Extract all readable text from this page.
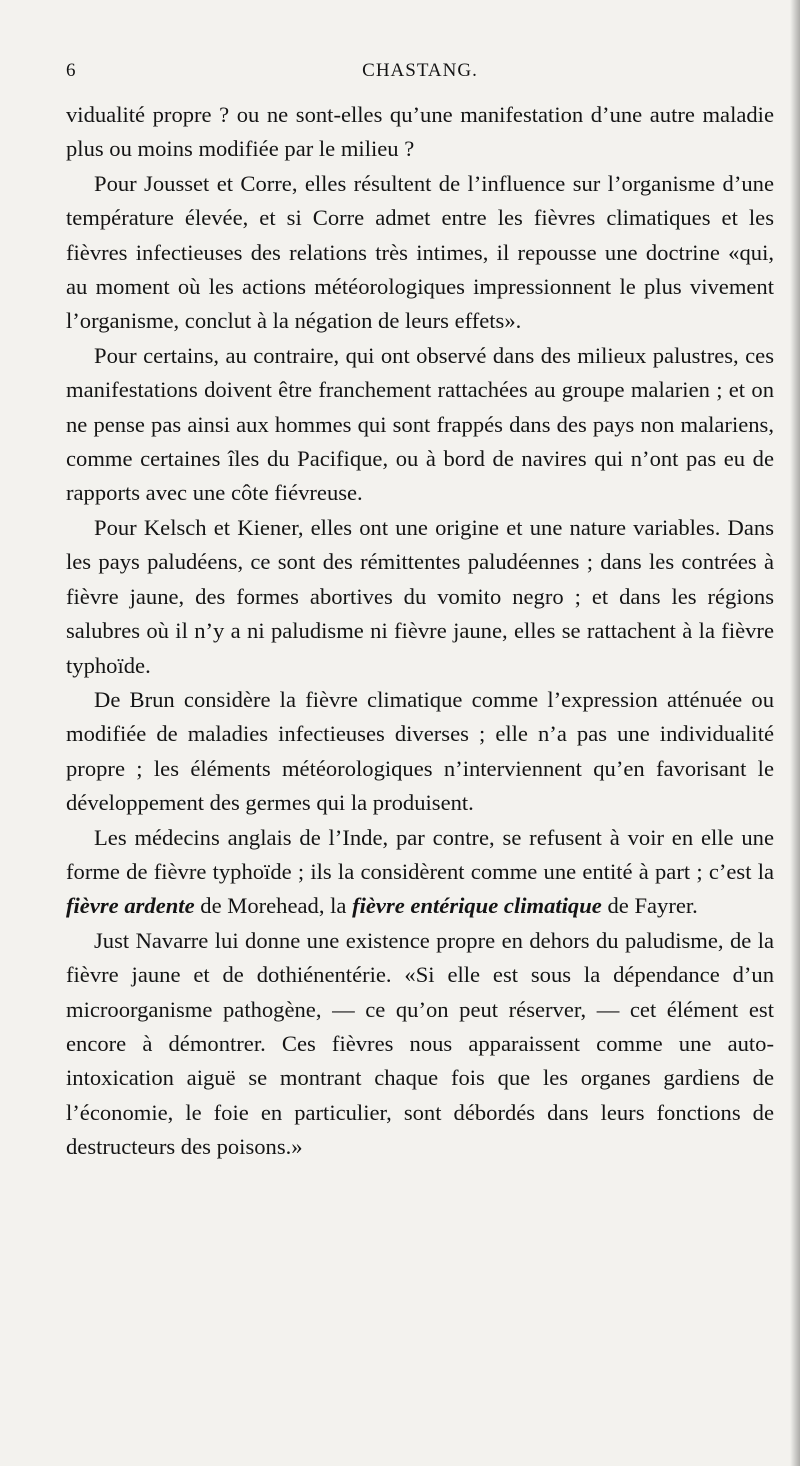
6	CHASTANG.

vidualité propre ? ou ne sont-elles qu’une manifestation d’une autre maladie plus ou moins modifiée par le milieu ?

Pour Jousset et Corre, elles résultent de l’influence sur l’organisme d’une température élevée, et si Corre admet entre les fièvres climatiques et les fièvres infectieuses des relations très intimes, il repousse une doctrine «qui, au moment où les actions météorologiques impressionnent le plus vivement l’organisme, conclut à la négation de leurs effets».

Pour certains, au contraire, qui ont observé dans des milieux palustres, ces manifestations doivent être franchement rattachées au groupe malarien ; et on ne pense pas ainsi aux hommes qui sont frappés dans des pays non malariens, comme certaines îles du Pacifique, ou à bord de navires qui n’ont pas eu de rapports avec une côte fiévreuse.

Pour Kelsch et Kiener, elles ont une origine et une nature variables. Dans les pays paludéens, ce sont des rémittentes paludéennes ; dans les contrées à fièvre jaune, des formes abortives du vomito negro ; et dans les régions salubres où il n’y a ni paludisme ni fièvre jaune, elles se rattachent à la fièvre typhoïde.

De Brun considère la fièvre climatique comme l’expression atténuée ou modifiée de maladies infectieuses diverses ; elle n’a pas une individualité propre ; les éléments météorologiques n’interviennent qu’en favorisant le développement des germes qui la produisent.

Les médecins anglais de l’Inde, par contre, se refusent à voir en elle une forme de fièvre typhoïde ; ils la considèrent comme une entité à part ; c’est la fièvre ardente de Morehead, la fièvre entérique climatique de Fayrer.

Just Navarre lui donne une existence propre en dehors du paludisme, de la fièvre jaune et de dothiénentérie. «Si elle est sous la dépendance d’un microorganisme pathogène, — ce qu’on peut réserver, — cet élément est encore à démontrer. Ces fièvres nous apparaissent comme une auto-intoxication aiguë se montrant chaque fois que les organes gardiens de l’économie, le foie en particulier, sont débordés dans leurs fonctions de destructeurs des poisons.»
